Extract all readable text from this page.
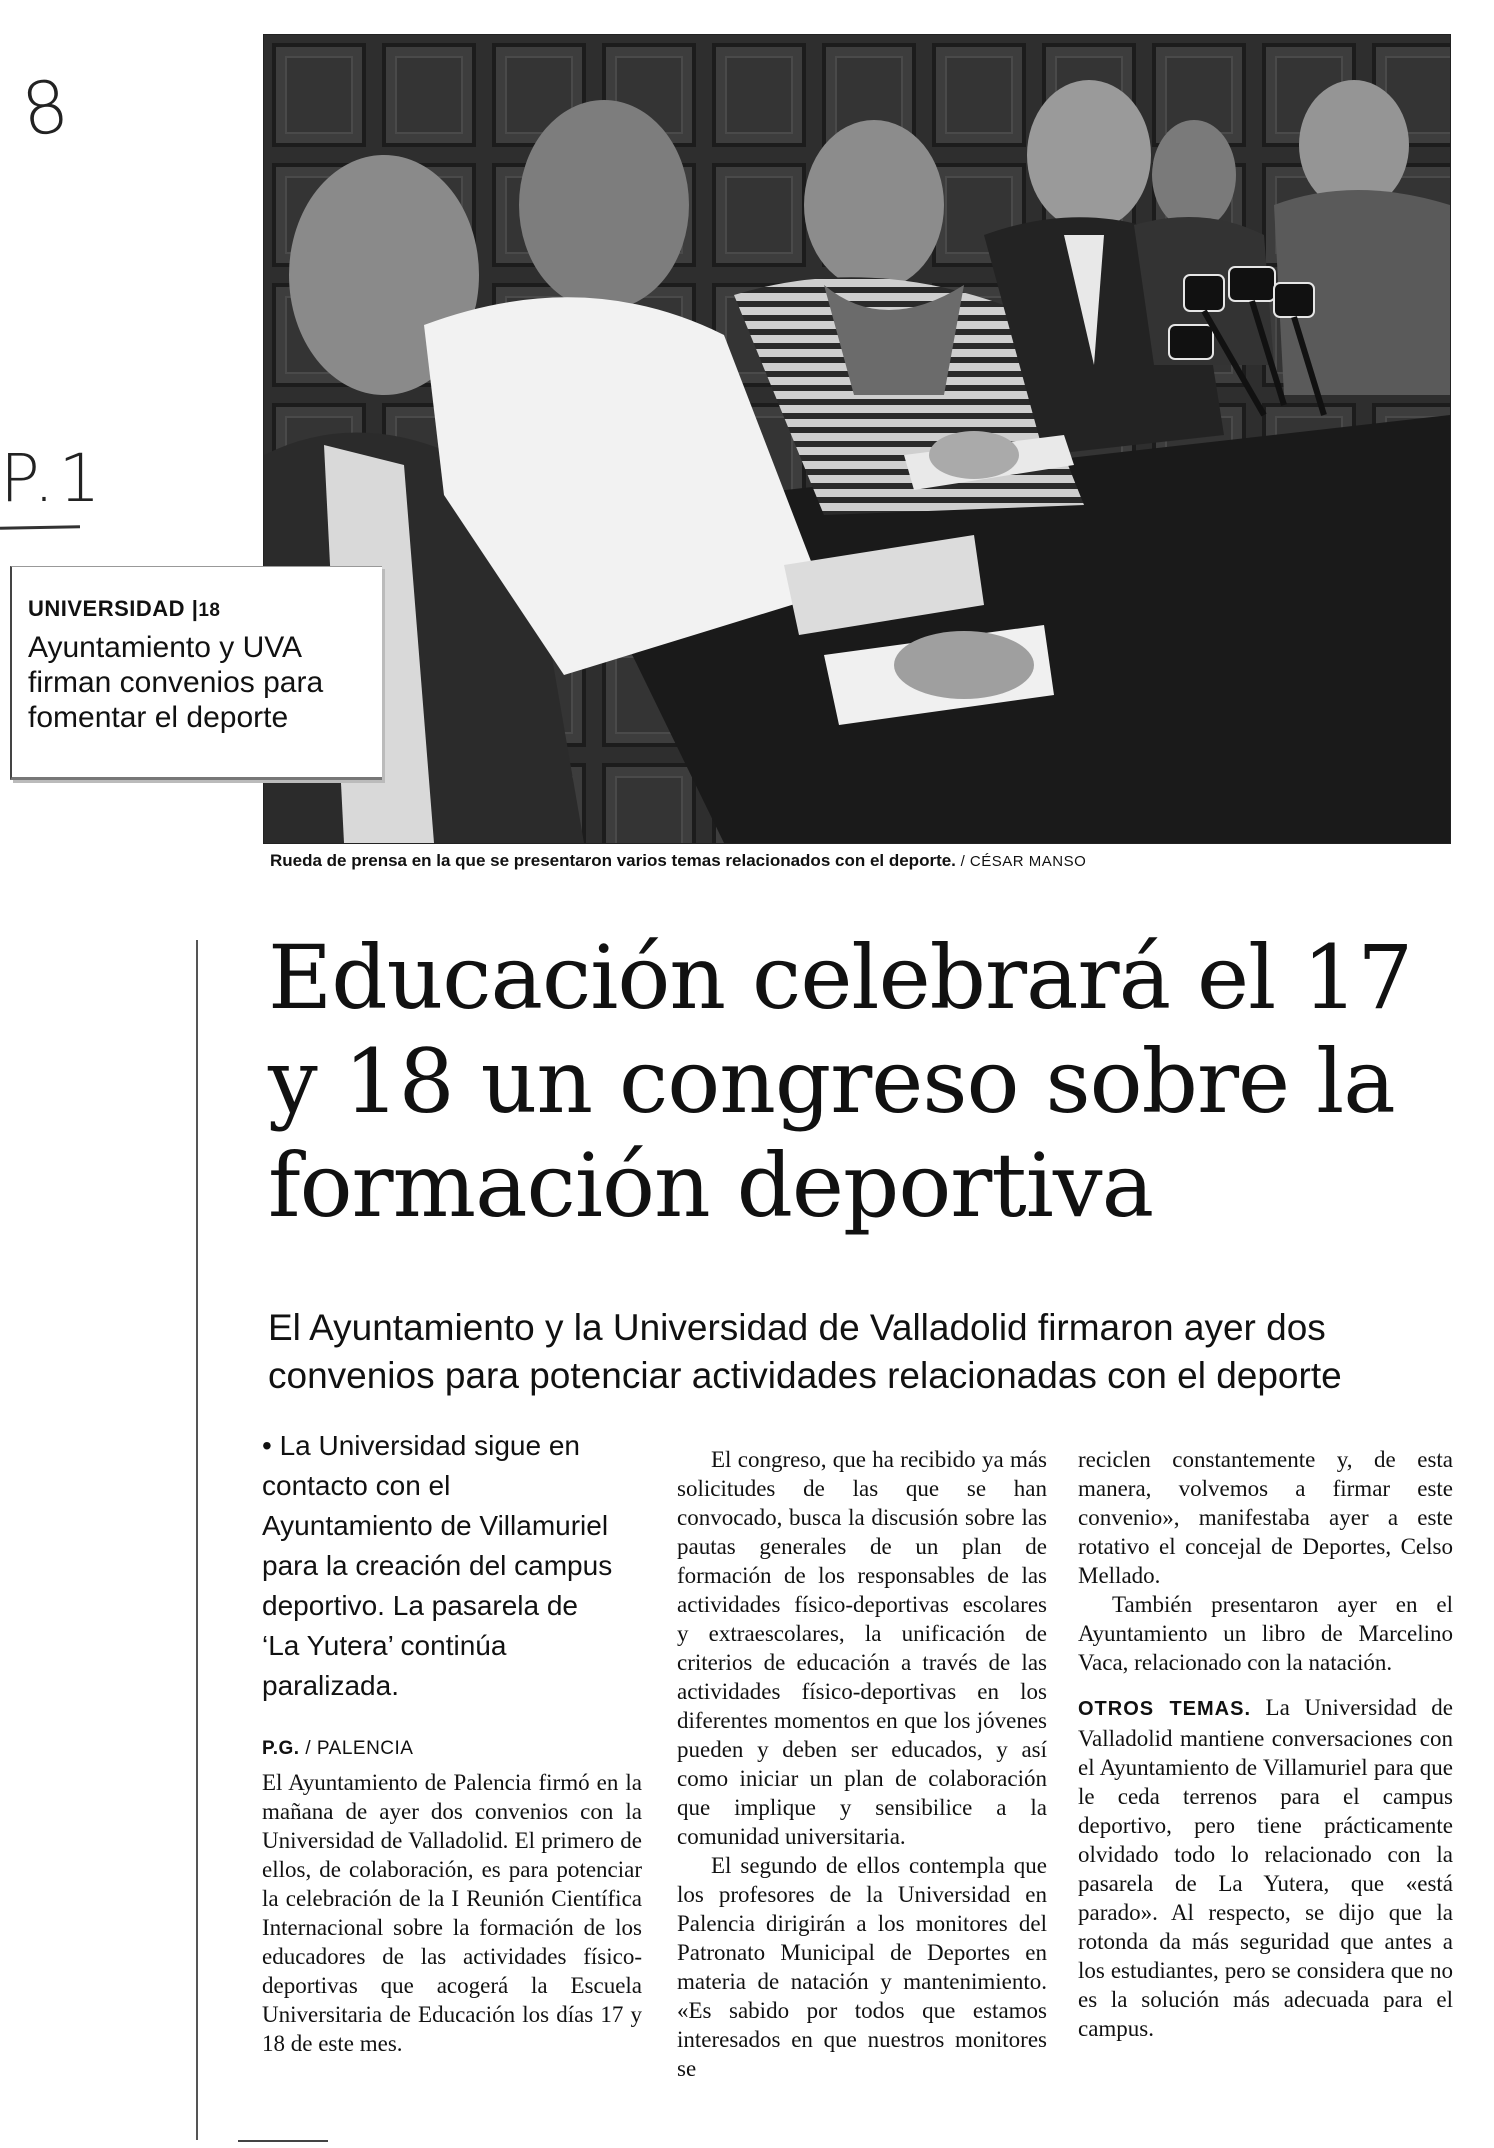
8
P.1
Rueda de prensa en la que se presentaron varios temas relacionados con el deporte. / CÉSAR MANSO
UNIVERSIDAD |18
Ayuntamiento y UVA firman convenios para fomentar el deporte
Educación celebrará el 17
y 18 un congreso sobre la
formación deportiva
El Ayuntamiento y la Universidad de Valladolid firmaron ayer dos convenios para potenciar actividades relacionadas con el deporte
• La Universidad sigue en contacto con el Ayuntamiento de Villamuriel para la creación del campus deportivo. La pasarela de ‘La Yutera’ continúa paralizada.
P.G. / PALENCIA

El Ayuntamiento de Palencia firmó en la mañana de ayer dos convenios con la Universidad de Valladolid. El primero de ellos, de colaboración, es para potenciar la celebración de la I Reunión Científica Internacional sobre la formación de los educadores de las actividades físico-deportivas que acogerá la Escuela Universitaria de Educación los días 17 y 18 de este mes.

El congreso, que ha recibido ya más solicitudes de las que se han convocado, busca la discusión sobre las pautas generales de un plan de formación de los responsables de las actividades físico-deportivas escolares y extraescolares, la unificación de criterios de educación a través de las actividades físico-deportivas en los diferentes momentos en que los jóvenes pueden y deben ser educados, y así como iniciar un plan de colaboración que implique y sensibilice a la comunidad universitaria.

El segundo de ellos contempla que los profesores de la Universidad en Palencia dirigirán a los monitores del Patronato Municipal de Deportes en materia de natación y mantenimiento. «Es sabido por todos que estamos interesados en que nuestros monitores se

reciclen constantemente y, de esta manera, volvemos a firmar este convenio», manifestaba ayer a este rotativo el concejal de Deportes, Celso Mellado.

También presentaron ayer en el Ayuntamiento un libro de Marcelino Vaca, relacionado con la natación.

OTROS TEMAS. La Universidad de Valladolid mantiene conversaciones con el Ayuntamiento de Villamuriel para que le ceda terrenos para el campus deportivo, pero tiene prácticamente olvidado todo lo relacionado con la pasarela de La Yutera, que «está parado». Al respecto, se dijo que la rotonda da más seguridad que antes a los estudiantes, pero se considera que no es la solución más adecuada para el campus.
